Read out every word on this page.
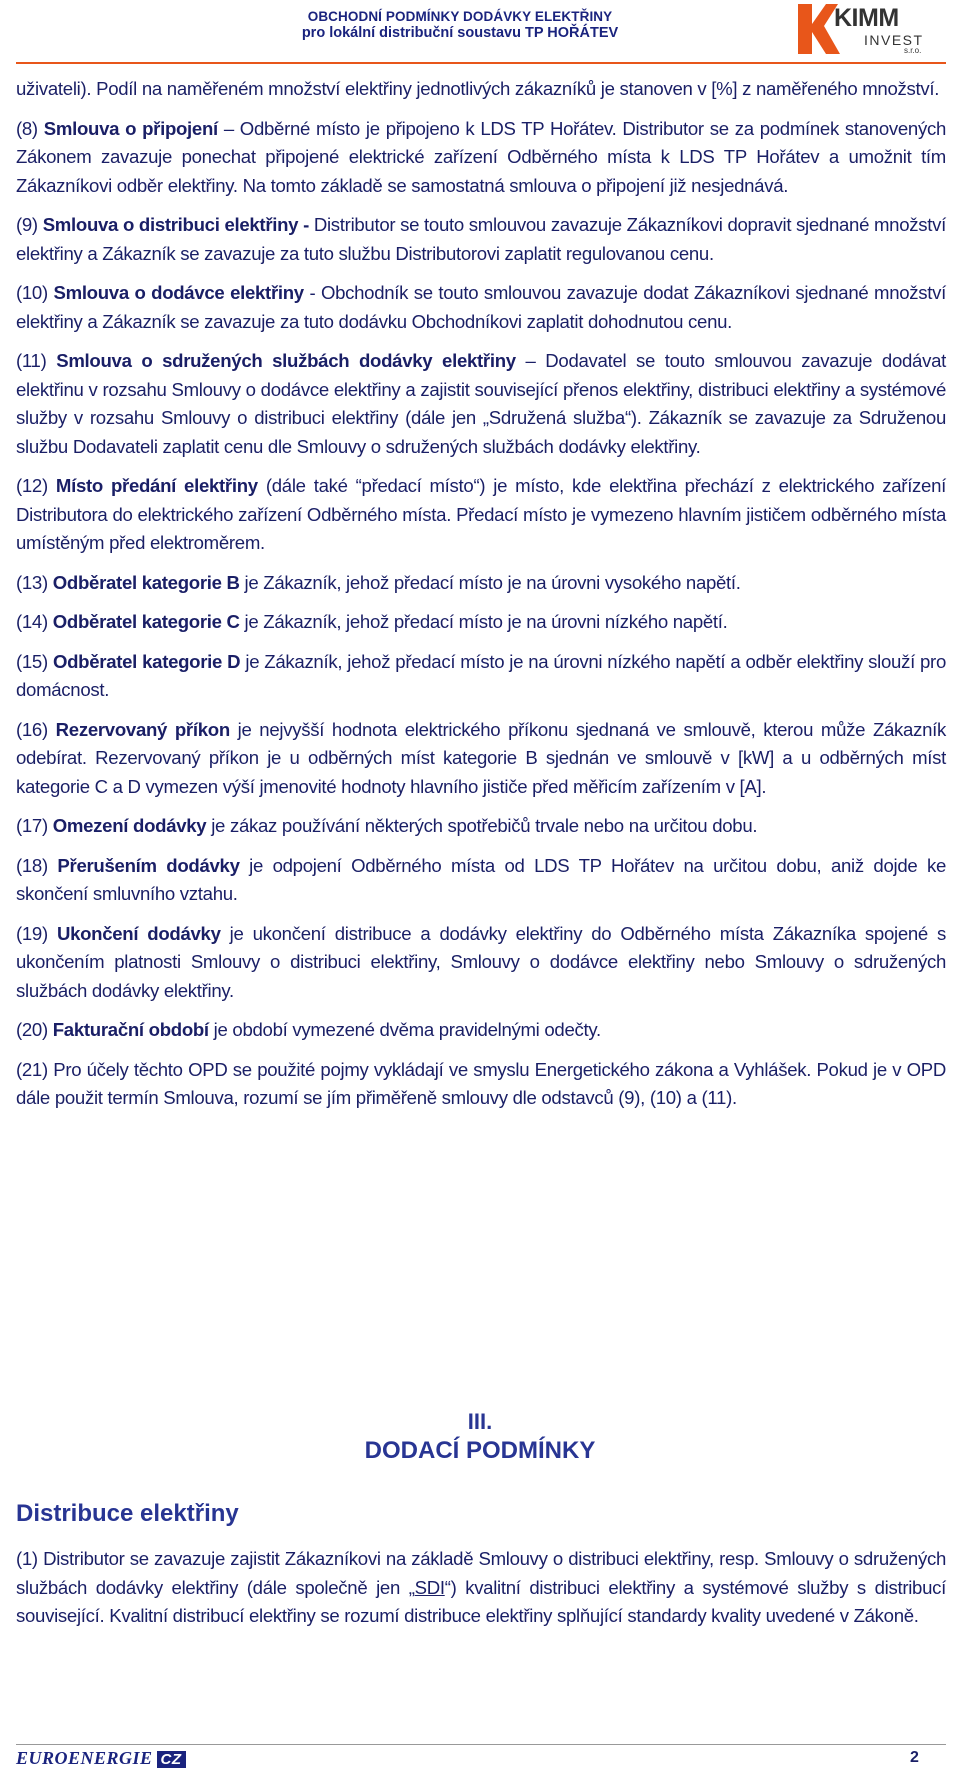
OBCHODNÍ PODMÍNKY DODÁVKY ELEKTŘINY
pro lokální distribuční soustavu TP HOŘÁTEV
KIMM
INVEST
s.r.o.

uživateli). Podíl na naměřeném množství elektřiny jednotlivých zákazníků je stanoven v [%] z naměřeného množství.

(8) Smlouva o připojení – Odběrné místo je připojeno k LDS TP Hořátev. Distributor se za podmínek stanovených Zákonem zavazuje ponechat připojené elektrické zařízení Odběrného místa k LDS TP Hořátev a umožnit tím Zákazníkovi odběr elektřiny. Na tomto základě se samostatná smlouva o připojení již nesjednává.

(9) Smlouva o distribuci elektřiny - Distributor se touto smlouvou zavazuje Zákazníkovi dopravit sjednané množství elektřiny a Zákazník se zavazuje za tuto službu Distributorovi zaplatit regulovanou cenu.

(10) Smlouva o dodávce elektřiny - Obchodník se touto smlouvou zavazuje dodat Zákazníkovi sjednané množství elektřiny a Zákazník se zavazuje za tuto dodávku Obchodníkovi zaplatit dohodnutou cenu.

(11) Smlouva o sdružených službách dodávky elektřiny – Dodavatel se touto smlouvou zavazuje dodávat elektřinu v rozsahu Smlouvy o dodávce elektřiny a zajistit související přenos elektřiny, distribuci elektřiny a systémové služby v rozsahu Smlouvy o distribuci elektřiny (dále jen „Sdružená služba“). Zákazník se zavazuje za Sdruženou službu Dodavateli zaplatit cenu dle Smlouvy o sdružených službách dodávky elektřiny.

(12) Místo předání elektřiny (dále také “předací místo“) je místo, kde elektřina přechází z elektrického zařízení Distributora do elektrického zařízení Odběrného místa. Předací místo je vymezeno hlavním jističem odběrného místa umístěným před elektroměrem.

(13) Odběratel kategorie B je Zákazník, jehož předací místo je na úrovni vysokého napětí.

(14) Odběratel kategorie C je Zákazník, jehož předací místo je na úrovni nízkého napětí.

(15) Odběratel kategorie D je Zákazník, jehož předací místo je na úrovni nízkého napětí a odběr elektřiny slouží pro domácnost.

(16) Rezervovaný příkon je nejvyšší hodnota elektrického příkonu sjednaná ve smlouvě, kterou může Zákazník odebírat. Rezervovaný příkon je u odběrných míst kategorie B sjednán ve smlouvě v [kW] a u odběrných míst kategorie C a D vymezen výší jmenovité hodnoty hlavního jističe před měřicím zařízením v [A].

(17) Omezení dodávky je zákaz používání některých spotřebičů trvale nebo na určitou dobu.

(18) Přerušením dodávky je odpojení Odběrného místa od LDS TP Hořátev na určitou dobu, aniž dojde ke skončení smluvního vztahu.

(19) Ukončení dodávky je ukončení distribuce a dodávky elektřiny do Odběrného místa Zákazníka spojené s ukončením platnosti Smlouvy o distribuci elektřiny, Smlouvy o dodávce elektřiny nebo Smlouvy o sdružených službách dodávky elektřiny.

(20) Fakturační období je období vymezené dvěma pravidelnými odečty.

(21) Pro účely těchto OPD se použité pojmy vykládají ve smyslu Energetického zákona a Vyhlášek. Pokud je v OPD dále použit termín Smlouva, rozumí se jím přiměřeně smlouvy dle odstavců (9), (10) a (11).

III.
DODACÍ PODMÍNKY
Distribuce elektřiny

(1) Distributor se zavazuje zajistit Zákazníkovi na základě Smlouvy o distribuci elektřiny, resp. Smlouvy o sdružených službách dodávky elektřiny (dále společně jen „SDI“) kvalitní distribuci elektřiny a systémové služby s distribucí související. Kvalitní distribucí elektřiny se rozumí distribuce elektřiny splňující standardy kvality uvedené v Zákoně.

EUROENERGIE CZ	2
